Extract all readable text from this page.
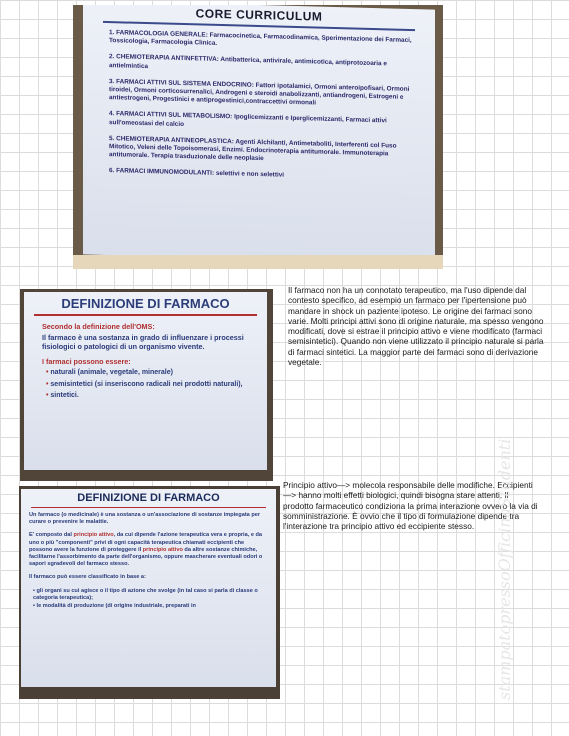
CORE CURRICULUM
1. FARMACOLOGIA GENERALE: Farmacocinetica, Farmacodinamica, Sperimentazione dei Farmaci, Tossicologia, Farmacologia Clinica.
2. CHEMIOTERAPIA ANTINFETTIVA: Antibatterica, antivirale, antimicotica, antiprotozoaria e antielmintica
3. FARMACI ATTIVI SUL SISTEMA ENDOCRINO: Fattori ipotalamici, Ormoni anteroipofisari, Ormoni tiroidei, Ormoni corticosurrenalici, Androgeni e steroidi anabolizzanti, antiandrogeni, Estrogeni e antiestrogeni, Progestinici e antiprogestinici,contraccettivi ormonali
4. FARMACI ATTIVI SUL METABOLISMO: Ipoglicemizzanti e Iperglicemizzanti, Farmaci attivi sull'omeostasi del calcio
5. CHEMIOTERAPIA ANTINEOPLASTICA: Agenti Alchilanti, Antimetaboliti, Interferenti col Fuso Mitotico, Veleni delle Topoisomerasi, Enzimi. Endocrinoterapia antitumorale. Immunoterapia antitumorale. Terapia trasduzionale delle neoplasie
6. FARMACI IMMUNOMODULANTI: selettivi e non selettivi
DEFINIZIONE DI FARMACO
Secondo la definizione dell'OMS:
Il farmaco è una sostanza in grado di influenzare i processi fisiologici o patologici di un organismo vivente.
I farmaci possono essere:
• naturali (animale, vegetale, minerale)
• semisintetici (si inseriscono radicali nei prodotti naturali),
• sintetici.
DEFINIZIONE DI FARMACO
Un farmaco (o medicinale) è una sostanza o un'associazione di sostanze impiegata per curare o prevenire le malattie.
E' composto dal principio attivo, da cui dipende l'azione terapeutica vera e propria, e da uno o più "componenti" privi di ogni capacità terapeutica chiamati eccipienti che possono avere la funzione di proteggere il principio attivo da altre sostanze chimiche, facilitarne l'assorbimento da parte dell'organismo, oppure mascherare eventuali odori o sapori sgradevoli del farmaco stesso.
Il farmaco può essere classificato in base a:
• gli organi su cui agisce o il tipo di azione che svolge (in tal caso si parla di classe o categoria terapeutica);
• le modalità di produzione (di origine industriale, preparati in
Il farmaco non ha un connotato terapeutico, ma l'uso dipende dal contesto specifico, ad esempio un farmaco per l'ipertensione può mandare in shock un paziente ipoteso. Le origine dei farmaci sono varie. Molti principi attivi sono di origine naturale, ma spesso vengono modificati, dove si estrae il principio attivo e viene modificato (farmaci semisintetici). Quando non viene utilizzato il principio naturale si parla di farmaci sintetici. La maggior parte dei farmaci sono di derivazione vegetale.
Principio attivo—> molecola responsabile delle modifiche. Eccipienti—> hanno molti effetti biologici, quindi bisogna stare attenti. Il prodotto farmaceutico condiziona la prima interazione ovvero la via di somministrazione. È ovvio che il tipo di formulazione dipende tra l'interazione tra principio attivo ed eccipiente stesso.	stampatopressoOfficinaStudenti
